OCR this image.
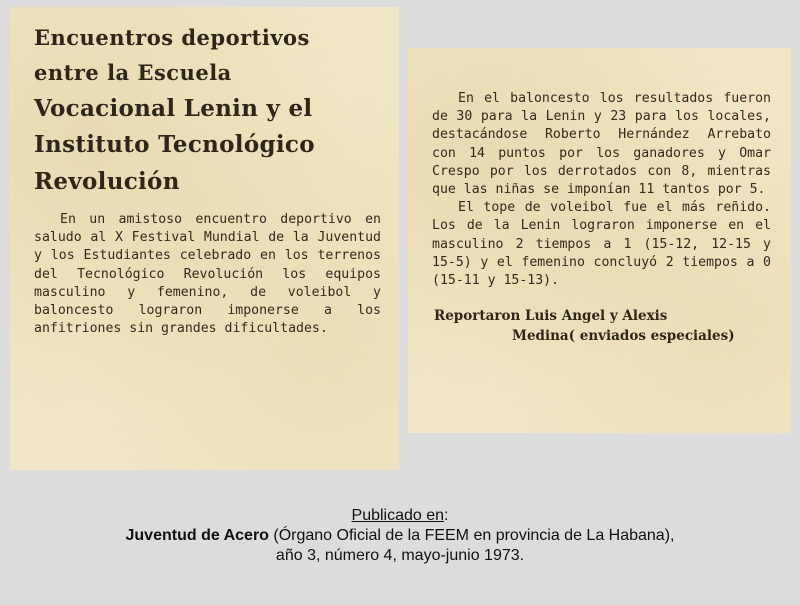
Encuentros deportivos
entre la Escuela
Vocacional Lenin y el
Instituto Tecnológico
Revolución

En un amistoso encuentro deportivo en saludo al X Festival Mundial de la Juventud y los Estudiantes celebrado en los terrenos del Tecnológico Revolución los equipos masculino y femenino, de voleibol y baloncesto lograron imponerse a los anfitriones sin grandes dificultades.

En el baloncesto los resultados fueron de 30 para la Lenin y 23 para los locales, destacándose Roberto Hernández Arrebato con 14 puntos por los ganadores y Omar Crespo por los derrotados con 8, mientras que las niñas se imponían 11 tantos por 5.

El tope de voleibol fue el más reñido. Los de la Lenin lograron imponerse en el masculino 2 tiempos a 1 (15-12, 12-15 y 15-5) y el femenino concluyó 2 tiempos a 0 (15-11 y 15-13).

Reportaron Luis Angel y Alexis
Medina( enviados especiales)
Publicado en:
Juventud de Acero (Órgano Oficial de la FEEM en provincia de La Habana),
año 3, número 4, mayo-junio 1973.
